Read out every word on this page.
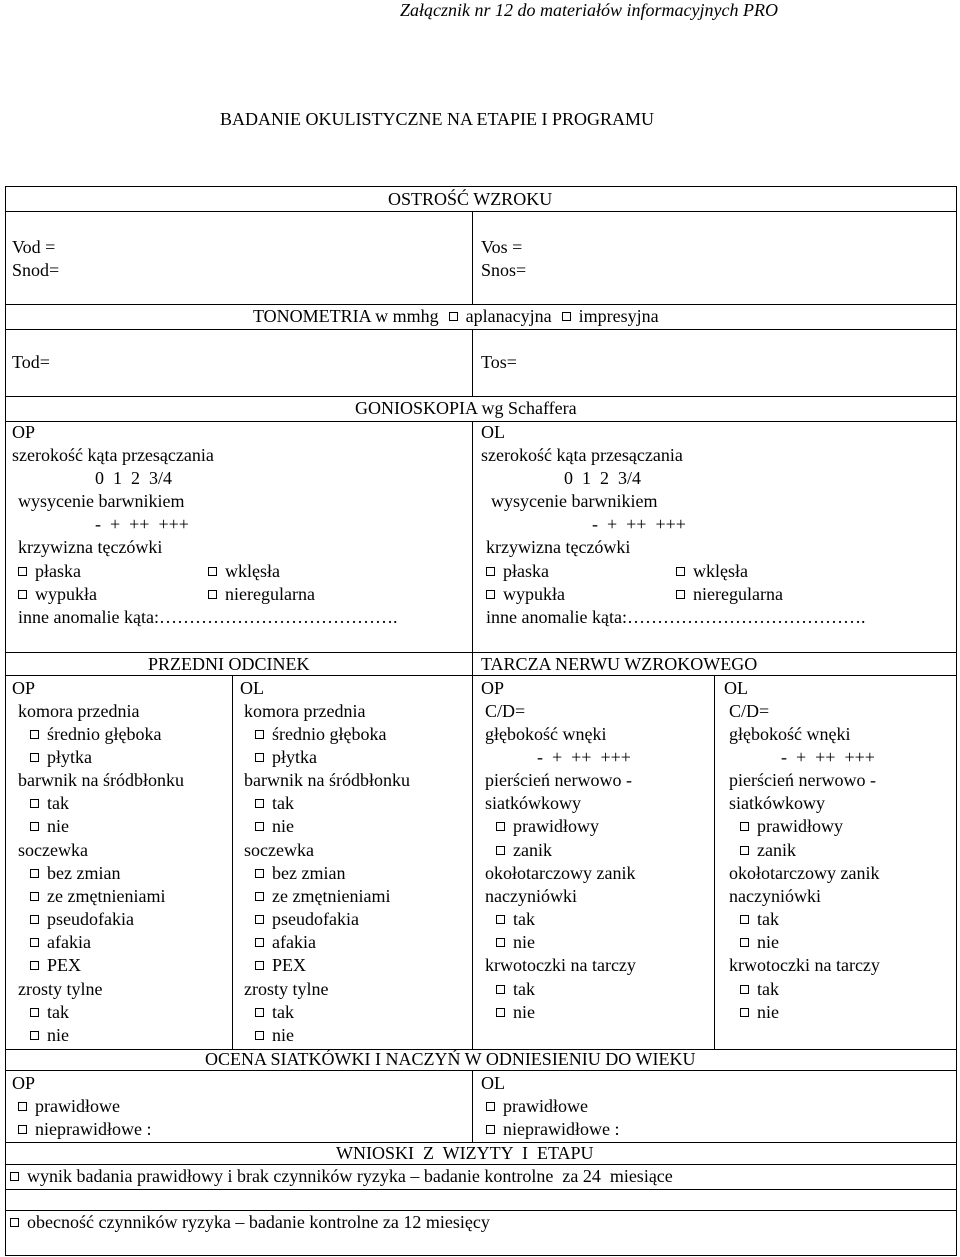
Załącznik nr 12 do materiałów informacyjnych PRO
BADANIE OKULISTYCZNE NA ETAPIE I PROGRAMU
OSTROŚĆ WZROKU
Vod =
Snod=
Vos =
Snos=
TONOMETRIA w mmhg aplanacyjna impresyjna
Tod=	Tos=
GONIOSKOPIA wg Schaffera
OP
szerokość kąta przesączania
0  1  2  3/4
wysycenie barwnikiem
-  +  ++  +++
krzywizna tęczówki
płaska	wklęsła
wypukła	nieregularna
inne anomalie kąta:………………………………….
OL
szerokość kąta przesączania
0  1  2  3/4
wysycenie barwnikiem
-  +  ++  +++
krzywizna tęczówki
płaska	wklęsła
wypukła	nieregularna
inne anomalie kąta:………………………………….
PRZEDNI ODCINEK
OP
komora przednia
średnio głęboka
płytka
barwnik na śródbłonku
tak
nie
soczewka
bez zmian
ze zmętnieniami
pseudofakia
afakia
PEX
zrosty tylne
tak
nie
OL
komora przednia
średnio głęboka
płytka
barwnik na śródbłonku
tak
nie
soczewka
bez zmian
ze zmętnieniami
pseudofakia
afakia
PEX
zrosty tylne
tak
nie
TARCZA NERWU WZROKOWEGO
OP
C/D=
głębokość wnęki
-  +  ++  +++
pierścień nerwowo -
siatkówkowy
prawidłowy
zanik
okołotarczowy zanik
naczyniówki
tak
nie
krwotoczki na tarczy
tak
nie
OL
C/D=
głębokość wnęki
-  +  ++  +++
pierścień nerwowo -
siatkówkowy
prawidłowy
zanik
okołotarczowy zanik
naczyniówki
tak
nie
krwotoczki na tarczy
tak
nie
OCENA SIATKÓWKI I NACZYŃ W ODNIESIENIU DO WIEKU
OP
prawidłowe
nieprawidłowe :
OL
prawidłowe
nieprawidłowe :
WNIOSKI  Z  WIZYTY  I  ETAPU
wynik badania prawidłowy i brak czynników ryzyka – badanie kontrolne  za 24  miesiące
obecność czynników ryzyka – badanie kontrolne za 12 miesięcy
